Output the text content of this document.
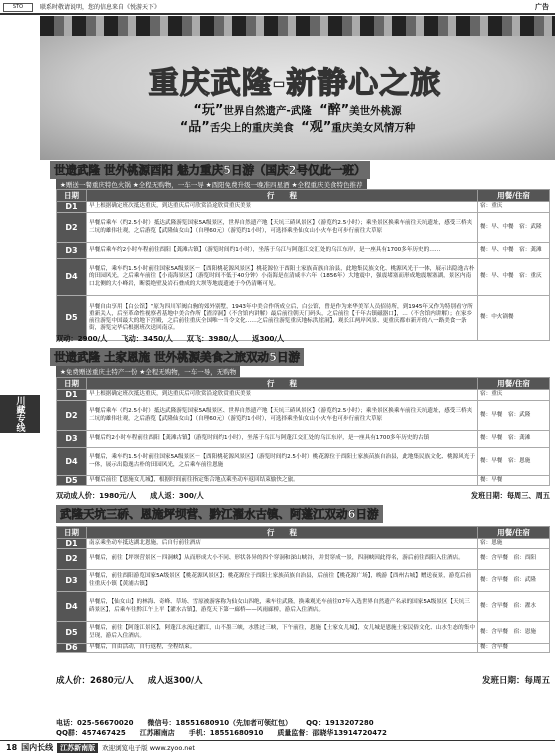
STO	联系时敬请说明，您的信息来自《悦游天下》	广告
川藏专线
重庆武隆-新静心之旅
“玩”世界自然遗产-武隆 “醉”美世外桃源
“品”舌尖上的重庆美食 “观”重庆美女风情万种
世遗武隆 世外桃源酉阳 魅力重庆5日游（国庆2号仅此一班）
★赠送一餐重庆特色火锅 ★全程无购物，一车一导 ★酉阳免费升级一晚准四星酒 ★全程重庆美食特色推荐
日期	行　　程	用餐/住宿
D1	早上根据确定班次抵达重庆，到达重庆后可欣赏沿途欣赏重庆美景	宿：重庆
D2	早餐后乘车（约2.5小时）抵达武隆游览国家5A级景区，世界自然遗产地【天坑三硚风景区】（游览约2.5小时）；乘坐景区换乘车前往天坑遗址，感受三桥夹二坑的雄伟壮观，之后游览【武隆仙女山】（自理60元）（游览约1小时），可选择乘坐仙女山小火车也可步行前往大草原	餐：早、中餐　宿：武隆
D3	早餐后乘车约2小时车程前往酉阳【龚滩古镇】（游览时间约1小时），坐落于乌江与阿蓬江交汇处的乌江东岸，是一座具有1700多年历史的……	餐：早、中餐　宿：龚滩
D4	早餐后，乘车约1.5小时前往国家5A级景区－【酉阳桃花源风景区】桃花源位于酉阳土家族苗族自治县，此地集民族文化、桃源风光于一体，展示出隐逸古朴的田园风光，之后乘车前往【小南海景区】（游览时间不低于40分钟）小南海是在清咸丰六年（1856年）大地震中，强震堵塞而形成地震堰塞湖，景区内南口北侧的大小峰岩，断裂绝壁及岩石叠成的大坝等地震遗迹于今仍清晰可见。	餐：早、中餐　宿：重庆
D5	早餐自由享用【白公馆】“原为四川军阀白驹的郊外别墅，1943年中美合作所成立后，白公馆，曾是作为来华美军人员招待所，到1945年又作为特别看守所重新关人，后至革命性视察者基地中美合作所【渣滓洞】（不含馆内讲解）最后前往朝天门码头，之后前往【千年古镇磁器口】，…（不含馆内讲解）；在家乡前往游览中国最大的地下宫殿，之后前往重庆全国唯一当令文化……之后前往游览重庆地标洪崖洞】，观长江两岸风景、更重庆都市新开的八一路美食一条街，游览完毕后根据班次送回南京。	餐：中火锅餐
双动：2900/人 飞动：3450/人 双飞：3980/人 返300/人
世遗武隆 土家恩施 世外桃源美食之旅双动5日游
★免费赠送重庆土特产一份 ★全程无购物，一车一导，无购物
日期	行　　程	用餐/住宿
D1	早上根据确定班次抵达重庆，到达重庆后可欣赏沿途欣赏重庆美景	宿：重庆
D2	早餐后乘车（约2.5小时）抵达武隆游览国家5A级景区、世界自然遗产地【天坑三硚风景区】（游览约2.5小时）；乘坐景区换乘车前往天坑遗址，感受三桥夹二坑的雄伟壮观，之后游览【武隆仙女山】（自理60元）（游览约1小时），可选择乘坐仙女山小火车也可步行前往大草原	餐：早餐　宿：武隆
D3	早餐后约2小时车程前往酉阳【龚滩古镇】（游览时间约1小时），坐落于乌江与阿蓬江交汇处的乌江东岸，是一座具有1700多年历史的古镇	餐：早餐　宿：龚滩
D4	早餐后，乘车约1.5小时前往国家5A级景区－【酉阳桃花源风景区】（游览时间约2.5小时）桃花源位于酉阳土家族苗族自治县，此地集民族文化、桃源风光于一体，展示出隐逸古朴的田园风光，之后乘车前往恩施	餐：早餐　宿：恩施
D5	早餐后前往【恩施女儿城】，根据时间前往指定集合地点乘坐动车返回结束愉快之旅。	餐：早餐
双动成人价：1980元/人 成人返：300/人	发班日期：每周三、周五
武隆天坑三硚、恩施坪坝营、黔江濯水古镇、阿蓬江双动6日游
日期	行　　程	用餐/住宿
D1	南京乘坐动车抵达湖北恩施，后自行前往酒店	宿：恩施
D2	早餐后，前往【坪坝营景区－四洞峡】从而形成大小不同、形状各异的四个穿洞和深山峡谷，并贯穿成一景，四洞峡因此得名，游后前往酉阳入住酒店。	餐：含早餐　宿：酉阳
D3	早餐后，前往酉阳游览国家5A级景区【桃花源风景区】；桃花源位于酉阳土家族苗族自治县，后前往【桃花源广场】，晚游【酉州古城】赠送夜景，游览后前往重庆小镇【黄浦古镇】	餐：含早餐　宿：武隆
D4	早餐后，【仙女山】的林海、奇峰、草场、雪原被游客称为仙女山四绝，乘车往武隆，换乘观光车前往07年入选世界自然遗产名录的国家5A级景区【天坑三硚景区】，后乘车往黔江午上平【濯水古镇】，游览天下第一廊桥——风雨廊桥，游后入住酒店。	餐：含早餐　宿：濯水
D5	早餐后，前往【阿蓬江景区】，阿蓬江水流过濯江，山不墨三峡，水胜过三峡，下午前往，恩施【土家女儿城】，女儿城是恩施土家民俗文化、山水生态的集中呈现，游后入住酒店。	餐：含早餐　宿：恩施
D6	早餐后，自由活动，自行返程，全程结束。	餐：含早餐
成人价：2680元/人 成人返300/人	发班日期：每周五
电话：025-56670020 微信号：18551680910（先加者可领红包） QQ：1913207280
QQ群：457467425 江苏厢南店 手机：18551680910 质量监督：邵晓华13914720472
18 国内长线	江苏新南版	欢迎浏览电子版 www.zyoo.net
